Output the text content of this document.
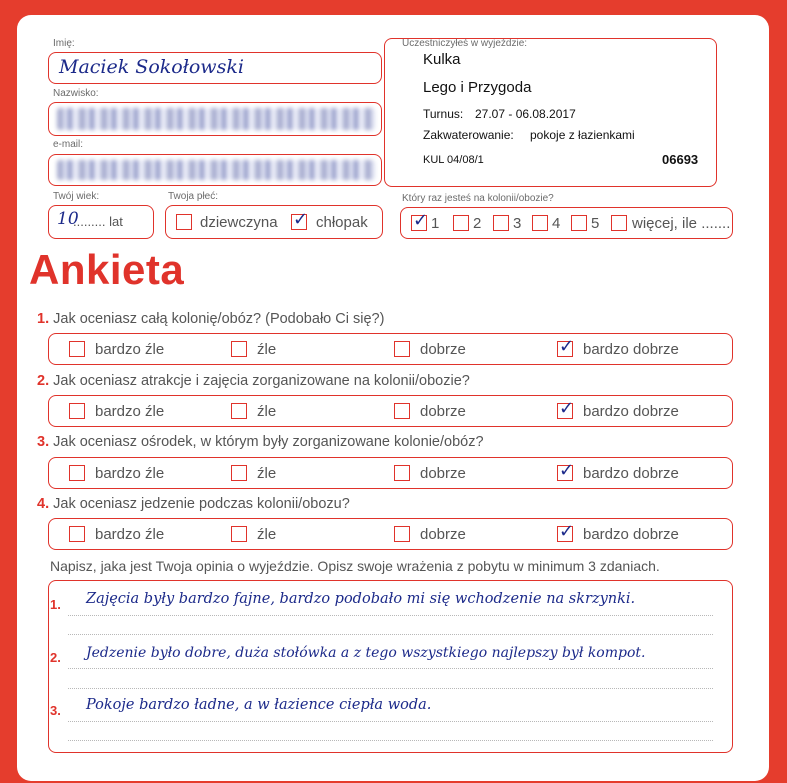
Imię:
Maciek Sokołowski
Nazwisko:
e-mail:
Twój wiek:
10
......... lat
Twoja płeć:
dziewczyna ✓ chłopak
Uczestniczyłeś w wyjeździe:
Kulka
Lego i Przygoda
Turnus: 27.07 - 06.08.2017
Zakwaterowanie: pokoje z łazienkami
KUL 04/08/1	06693
Który raz jesteś na kolonii/obozie?
✓ 1 2 3 4 5 więcej, ile .......
Ankieta
1. Jak oceniasz całą kolonię/obóz? (Podobało Ci się?)
bardzo źle	źle	dobrze	✓ bardzo dobrze
2. Jak oceniasz atrakcje i zajęcia zorganizowane na kolonii/obozie?
bardzo źle	źle	dobrze	✓ bardzo dobrze
3. Jak oceniasz ośrodek, w którym były zorganizowane kolonie/obóz?
bardzo źle	źle	dobrze	✓ bardzo dobrze
4. Jak oceniasz jedzenie podczas kolonii/obozu?
bardzo źle	źle	dobrze	✓ bardzo dobrze
Napisz, jaka jest Twoja opinia o wyjeździe. Opisz swoje wrażenia z pobytu w minimum 3 zdaniach.
1. Zajęcia były bardzo fajne, bardzo podobało mi się wchodzenie na skrzynki.
2. Jedzenie było dobre, duża stołówka a z tego wszystkiego najlepszy był kompot.
3. Pokoje bardzo ładne, a w łazience ciepła woda.
